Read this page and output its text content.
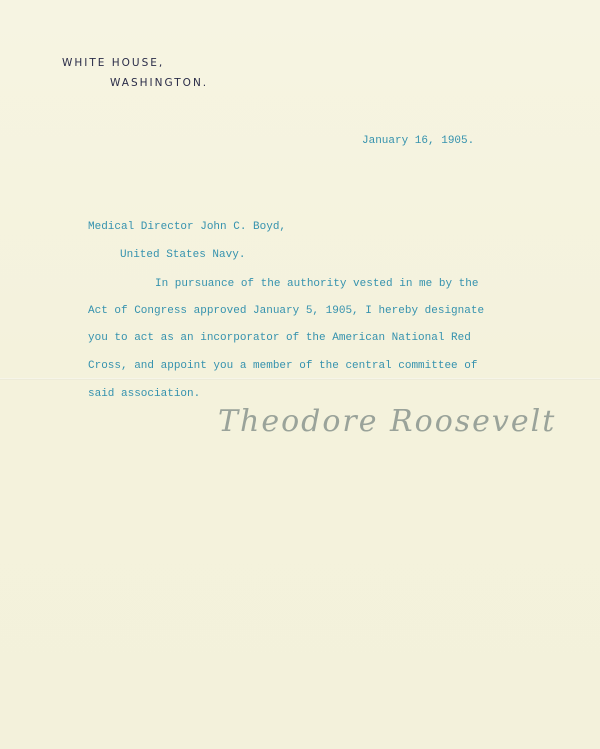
WHITE HOUSE,
WASHINGTON.
January 16, 1905.
Medical Director John C. Boyd,
United States Navy.
In pursuance of the authority vested in me by the
Act of Congress approved January 5, 1905, I hereby designate
you to act as an incorporator of the American National Red
Cross, and appoint you a member of the central committee of
said association.
Theodore Roosevelt
